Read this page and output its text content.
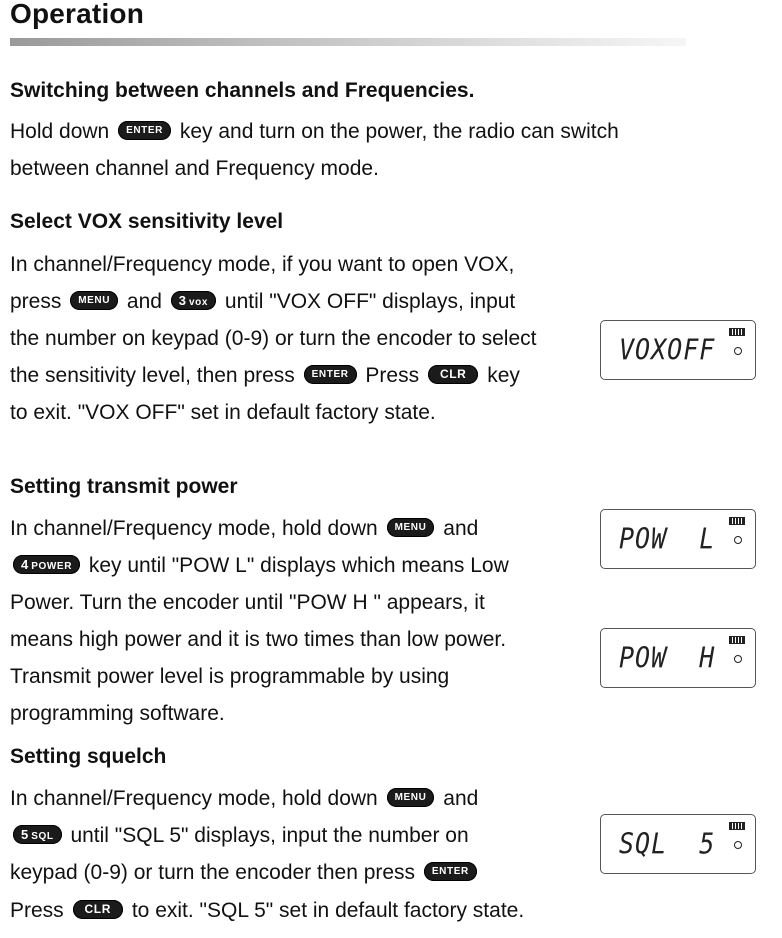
Operation
Switching between channels and Frequencies.
Hold down ENTER key and turn on the power, the radio can switch
between channel and Frequency mode.
Select VOX sensitivity level
In channel/Frequency mode, if you want to open VOX,
press MENU and 3 vox until "VOX OFF" displays, input
the number on keypad (0-9) or turn the encoder to select
the sensitivity level, then press ENTER Press CLR key
to exit. "VOX OFF" set in default factory state.
Setting transmit power
In channel/Frequency mode, hold down MENU and
4 POWER key until "POW L" displays which means Low
Power. Turn the encoder until "POW H " appears, it
means high power and it is two times than low power.
Transmit power level is programmable by using
programming software.
Setting squelch
In channel/Frequency mode, hold down MENU and
5 SQL until "SQL 5" displays, input the number on
keypad (0-9) or turn the encoder then press ENTER
Press CLR to exit. "SQL 5" set in default factory state.
VOXOFF
POW  L
POW  H
SQL  5
